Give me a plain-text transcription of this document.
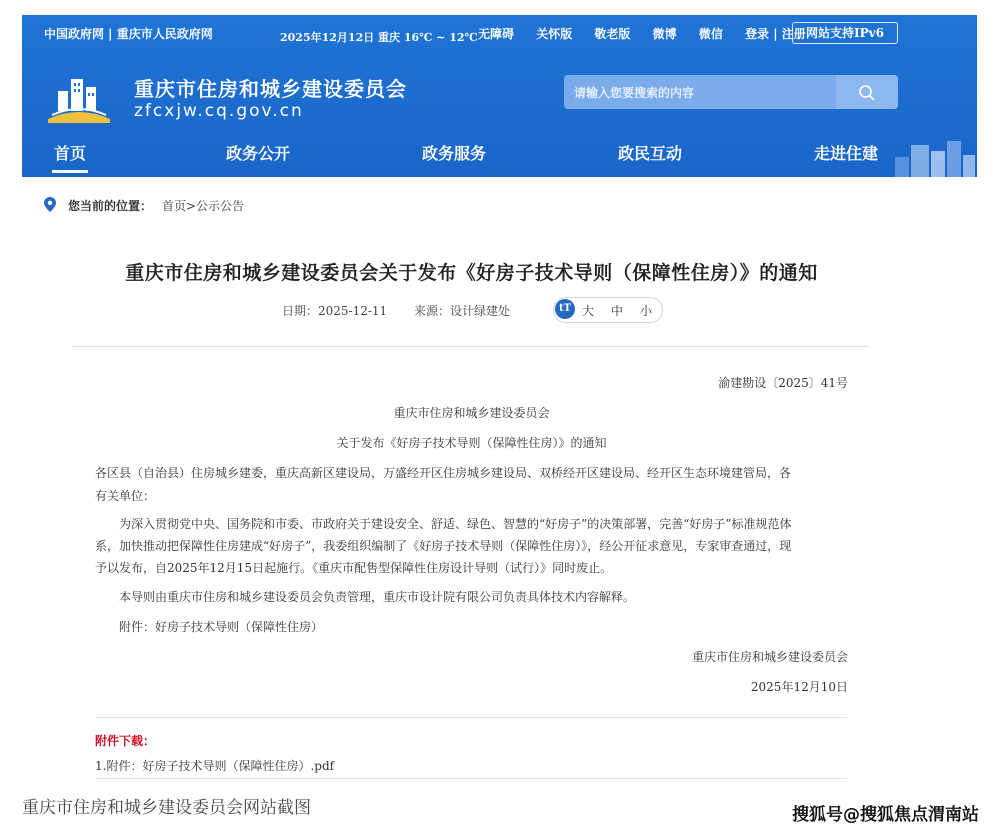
中国政府网 | 重庆市人民政府网	2025年12月12日 重庆 16℃ ~ 12℃ 无障碍 关怀版 敬老版 微博 微信 登录 | 注册 网站支持IPv6
重庆市住房和城乡建设委员会
zfcxjw.cq.gov.cn
请输入您要搜索的内容
首页	政务公开	政务服务	政民互动	走进住建
您当前的位置： 首页>公示公告
重庆市住房和城乡建设委员会关于发布《好房子技术导则（保障性住房）》的通知
日期：2025-12-11 来源：设计绿建处	tT 大 中 小
渝建勘设〔2025〕41号
重庆市住房和城乡建设委员会
关于发布《好房子技术导则（保障性住房）》的通知
各区县（自治县）住房城乡建委，重庆高新区建设局，万盛经开区住房城乡建设局、双桥经开区建设局、经开区生态环境建管局，各
有关单位：
为深入贯彻党中央、国务院和市委、市政府关于建设安全、舒适、绿色、智慧的“好房子”的决策部署，完善“好房子”标准规范体
系，加快推动把保障性住房建成“好房子”，我委组织编制了《好房子技术导则（保障性住房）》，经公开征求意见，专家审查通过，现
予以发布，自2025年12月15日起施行。《重庆市配售型保障性住房设计导则（试行）》同时废止。
本导则由重庆市住房和城乡建设委员会负责管理，重庆市设计院有限公司负责具体技术内容解释。
附件：好房子技术导则（保障性住房）
重庆市住房和城乡建设委员会
2025年12月10日
附件下载：
1.附件：好房子技术导则（保障性住房）.pdf
重庆市住房和城乡建设委员会网站截图	搜狐号@搜狐焦点渭南站
